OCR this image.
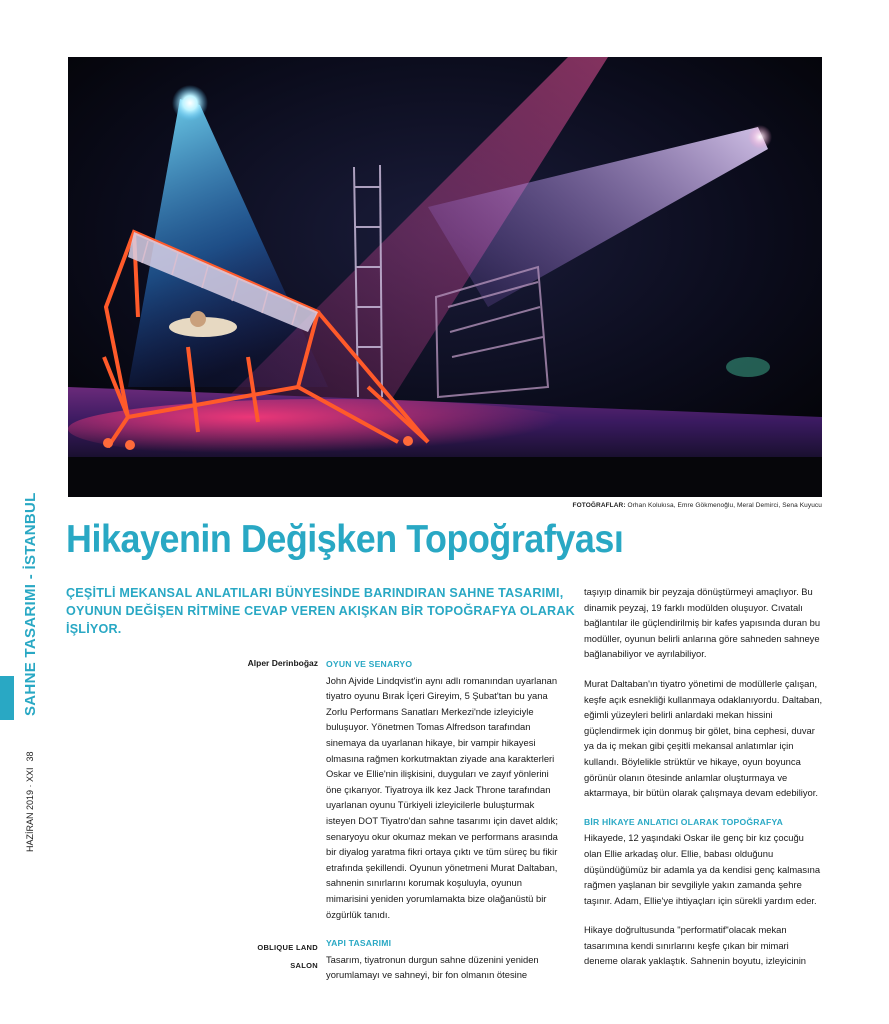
FOTOĞRAFLAR: Orhan Kolukısa, Emre Gökmenoğlu, Meral Demirci, Sena Kuyucu
HAZİRAN 2019 · XXI
38
SAHNE TASARIMI - İSTANBUL Hikayenin Değişken Topoğrafyası

ÇEŞİTLİ MEKANSAL ANLATILARI BÜNYESİNDE BARINDIRAN SAHNE TASARIMI, OYUNUN DEĞİŞEN RİTMİNE CEVAP VEREN AKIŞKAN BİR TOPOĞRAFYA OLARAK İŞLİYOR.

Alper Derinboğaz
OBLIQUE LAND
SALON
OYUN VE SENARYO

John Ajvide Lindqvist'in aynı adlı romanından uyarlanan tiyatro oyunu Bırak İçeri Gireyim, 5 Şubat'tan bu yana Zorlu Performans Sanatları Merkezi'nde izleyiciyle buluşuyor. Yönetmen Tomas Alfredson tarafından sinemaya da uyarlanan hikaye, bir vampir hikayesi olmasına rağmen korkutmaktan ziyade ana karakterleri Oskar ve Ellie'nin ilişkisini, duyguları ve zayıf yönlerini öne çıkarıyor. Tiyatroya ilk kez Jack Throne tarafından uyarlanan oyunu Türkiyeli izleyicilerle buluşturmak isteyen DOT Tiyatro'dan sahne tasarımı için davet aldık; senaryoyu okur okumaz mekan ve performans arasında bir diyalog yaratma fikri ortaya çıktı ve tüm süreç bu fikir etrafında şekillendi. Oyunun yönetmeni Murat Daltaban, sahnenin sınırlarını korumak koşuluyla, oyunun mimarisini yeniden yorumlamakta bize olağanüstü bir özgürlük tanıdı.

YAPI TASARIMI

Tasarım, tiyatronun durgun sahne düzenini yeniden yorumlamayı ve sahneyi, bir fon olmanın ötesine

taşıyıp dinamik bir peyzaja dönüştürmeyi amaçlıyor. Bu dinamik peyzaj, 19 farklı modülden oluşuyor. Cıvatalı bağlantılar ile güçlendirilmiş bir kafes yapısında duran bu modüller, oyunun belirli anlarına göre sahneden sahneye bağlanabiliyor ve ayrılabiliyor.

Murat Daltaban'ın tiyatro yönetimi de modüllerle çalışan, keşfe açık esnekliği kullanmaya odaklanıyordu. Daltaban, eğimli yüzeyleri belirli anlardaki mekan hissini güçlendirmek için donmuş bir gölet, bina cephesi, duvar ya da iç mekan gibi çeşitli mekansal anlatımlar için kullandı. Böylelikle strüktür ve hikaye, oyun boyunca görünür olanın ötesinde anlamlar oluşturmaya ve aktarmaya, bir bütün olarak çalışmaya devam edebiliyor.

BİR HİKAYE ANLATICI OLARAK TOPOĞRAFYA

Hikayede, 12 yaşındaki Oskar ile genç bir kız çocuğu olan Ellie arkadaş olur. Ellie, babası olduğunu düşündüğümüz bir adamla ya da kendisi genç kalmasına rağmen yaşlanan bir sevgiliyle yakın zamanda şehre taşınır. Adam, Ellie'ye ihtiyaçları için sürekli yardım eder.

Hikaye doğrultusunda "performatif"olacak mekan tasarımına kendi sınırlarını keşfe çıkan bir mimari deneme olarak yaklaştık. Sahnenin boyutu, izleyicinin
